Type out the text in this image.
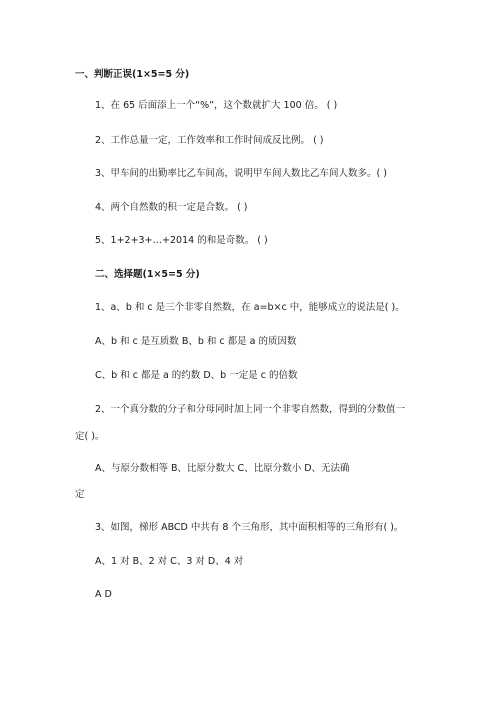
一、判断正误(1×5=5 分)
1、在 65 后面添上一个“%”，这个数就扩大 100 倍。 ( )
2、工作总量一定，工作效率和工作时间成反比例。 ( )
3、甲车间的出勤率比乙车间高，说明甲车间人数比乙车间人数多。( )
4、两个自然数的积一定是合数。 ( )
5、1+2+3+…+2014 的和是奇数。 ( )
二、选择题(1×5=5 分)
1、a、b 和 c 是三个非零自然数，在 a=b×c 中，能够成立的说法是( )。
A、b 和 c 是互质数 B、b 和 c 都是 a 的质因数
C、b 和 c 都是 a 的约数 D、b 一定是 c 的倍数
2、一个真分数的分子和分母同时加上同一个非零自然数，得到的分数值一
定( )。
A、与原分数相等 B、比原分数大 C、比原分数小 D、无法确
定
3、如图，梯形 ABCD 中共有 8 个三角形，其中面积相等的三角形有( )。
A、1 对 B、2 对 C、3 对 D、4 对
A D
